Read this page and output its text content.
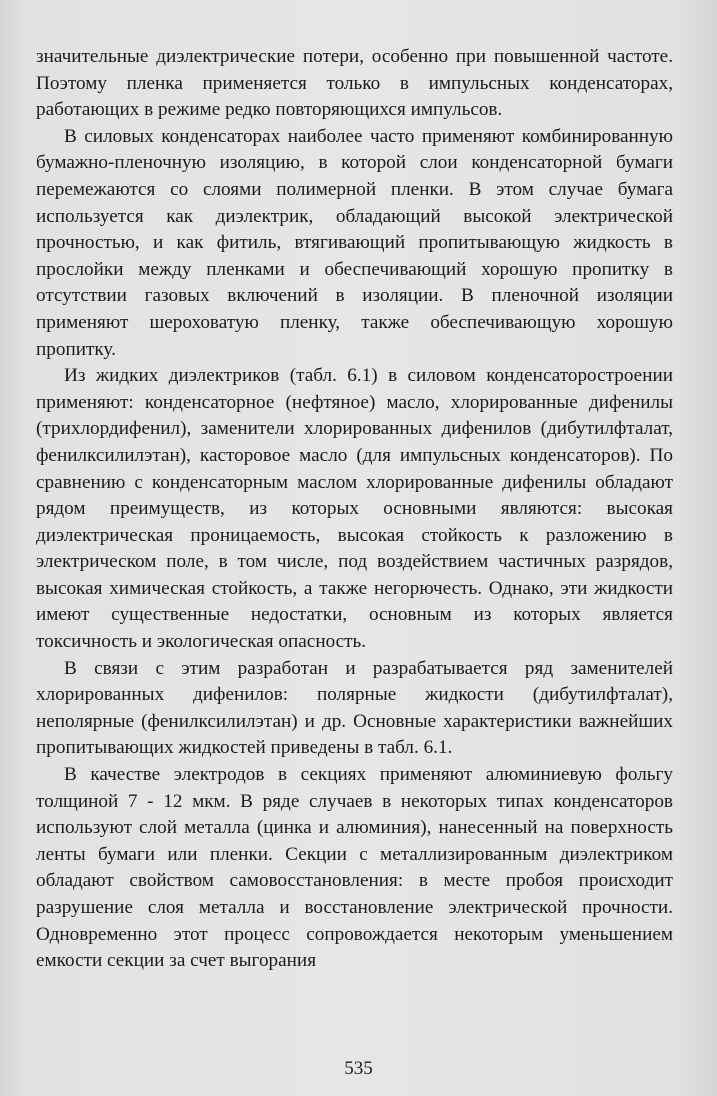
значительные диэлектрические потери, особенно при повышенной частоте. Поэтому пленка применяется только в импульсных конденсаторах, работающих в режиме редко повторяющихся импульсов.

В силовых конденсаторах наиболее часто применяют комбинированную бумажно-пленочную изоляцию, в которой слои конденсаторной бумаги перемежаются со слоями полимерной пленки. В этом случае бумага используется как диэлектрик, обладающий высокой электрической прочностью, и как фитиль, втягивающий пропитывающую жидкость в прослойки между пленками и обеспечивающий хорошую пропитку в отсутствии газовых включений в изоляции. В пленочной изоляции применяют шероховатую пленку, также обеспечивающую хорошую пропитку.

Из жидких диэлектриков (табл. 6.1) в силовом конденсаторостроении применяют: конденсаторное (нефтяное) масло, хлорированные дифенилы (трихлордифенил), заменители хлорированных дифенилов (дибутилфталат, фенилксилилэтан), касторовое масло (для импульсных конденсаторов). По сравнению с конденсаторным маслом хлорированные дифенилы обладают рядом преимуществ, из которых основными являются: высокая диэлектрическая проницаемость, высокая стойкость к разложению в электрическом поле, в том числе, под воздействием частичных разрядов, высокая химическая стойкость, а также негорючесть. Однако, эти жидкости имеют существенные недостатки, основным из которых является токсичность и экологическая опасность.

В связи с этим разработан и разрабатывается ряд заменителей хлорированных дифенилов: полярные жидкости (дибутилфталат), неполярные (фенилксилилэтан) и др. Основные характеристики важнейших пропитывающих жидкостей приведены в табл. 6.1.

В качестве электродов в секциях применяют алюминиевую фольгу толщиной 7 - 12 мкм. В ряде случаев в некоторых типах конденсаторов используют слой металла (цинка и алюминия), нанесенный на поверхность ленты бумаги или пленки. Секции с металлизированным диэлектриком обладают свойством самовосстановления: в месте пробоя происходит разрушение слоя металла и восстановление электрической прочности. Одновременно этот процесс сопровождается некоторым уменьшением емкости секции за счет выгорания

535
